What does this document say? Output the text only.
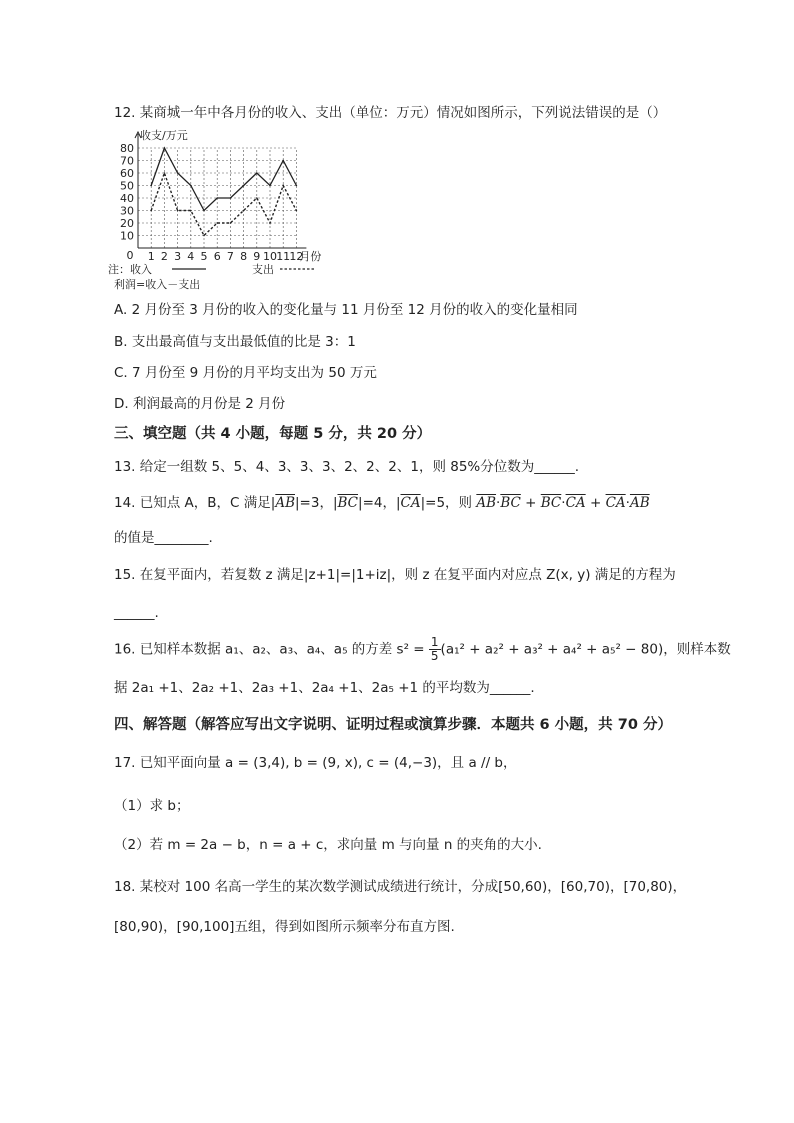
12. 某商城一年中各月份的收入、支出（单位：万元）情况如图所示，下列说法错误的是（）
收支/万元
10
20
30
40
50
60
70
80
0 1 2 3 4 5 6 7 8 9 10 11 12
月份
注：收入	支出
利润=收入－支出
A. 2 月份至 3 月份的收入的变化量与 11 月份至 12 月份的收入的变化量相同
B. 支出最高值与支出最低值的比是 3：1
C. 7 月份至 9 月份的月平均支出为 50 万元
D. 利润最高的月份是 2 月份
三、填空题（共 4 小题，每题 5 分，共 20 分）
13. 给定一组数 5、5、4、3、3、3、2、2、2、1，则 85%分位数为______.
14. 已知点 A，B，C 满足$|\overline{AB}|=3$，$|\overline{BC}|=4$，$|\overline{CA}|=5$，则 $\overline{AB}\cdot\overline{BC} + \overline{BC}\cdot\overline{CA} + \overline{CA}\cdot\overline{AB}$
的值是________.
15. 在复平面内，若复数 z 满足|z+1|=|1+iz|，则 z 在复平面内对应点 Z(x, y) 满足的方程为
______.
16. 已知样本数据 a₁、a₂、a₃、a₄、a₅ 的方差 $s^2 = \frac{1}{5} (a_1^2 + a_2^2 + a_3^2 + a_4^2 + a_5^2 - 80)$，则样本数
据 2a₁ +1、2a₂ +1、2a₃ +1、2a₄ +1、2a₅ +1 的平均数为______.
四、解答题（解答应写出文字说明、证明过程或演算步骤．本题共 6 小题，共 70 分）
17. 已知平面向量 a = (3,4), b = (9, x), c = (4,−3)，且 a // b，
（1）求 b；
（2）若 m = 2a − b，n = a + c，求向量 m 与向量 n 的夹角的大小.
18. 某校对 100 名高一学生的某次数学测试成绩进行统计，分成[50,60)，[60,70)，[70,80)，
[80,90)，[90,100]五组，得到如图所示频率分布直方图.
